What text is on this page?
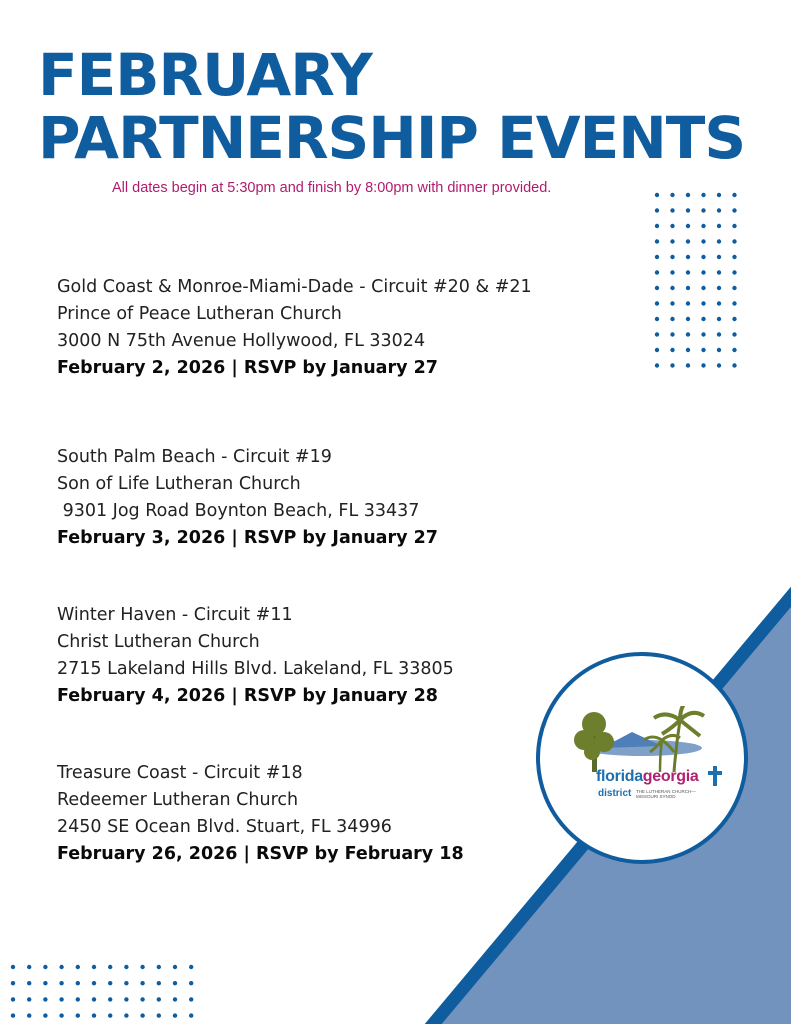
FEBRUARY
PARTNERSHIP EVENTS
All dates begin at 5:30pm and finish by 8:00pm with dinner provided.
Gold Coast & Monroe-Miami-Dade - Circuit #20 & #21
Prince of Peace Lutheran Church
3000 N 75th Avenue Hollywood, FL 33024
February 2, 2026 | RSVP by January 27
South Palm Beach - Circuit #19
Son of Life Lutheran Church
9301 Jog Road Boynton Beach, FL 33437
February 3, 2026 | RSVP by January 27
Winter Haven - Circuit #11
Christ Lutheran Church
2715 Lakeland Hills Blvd. Lakeland, FL 33805
February 4, 2026 | RSVP by January 28
Treasure Coast - Circuit #18
Redeemer Lutheran Church
2450 SE Ocean Blvd. Stuart, FL 34996
February 26, 2026 | RSVP by February 18
floridageorgia
district THE LUTHERAN CHURCH— MISSOURI SYNOD
